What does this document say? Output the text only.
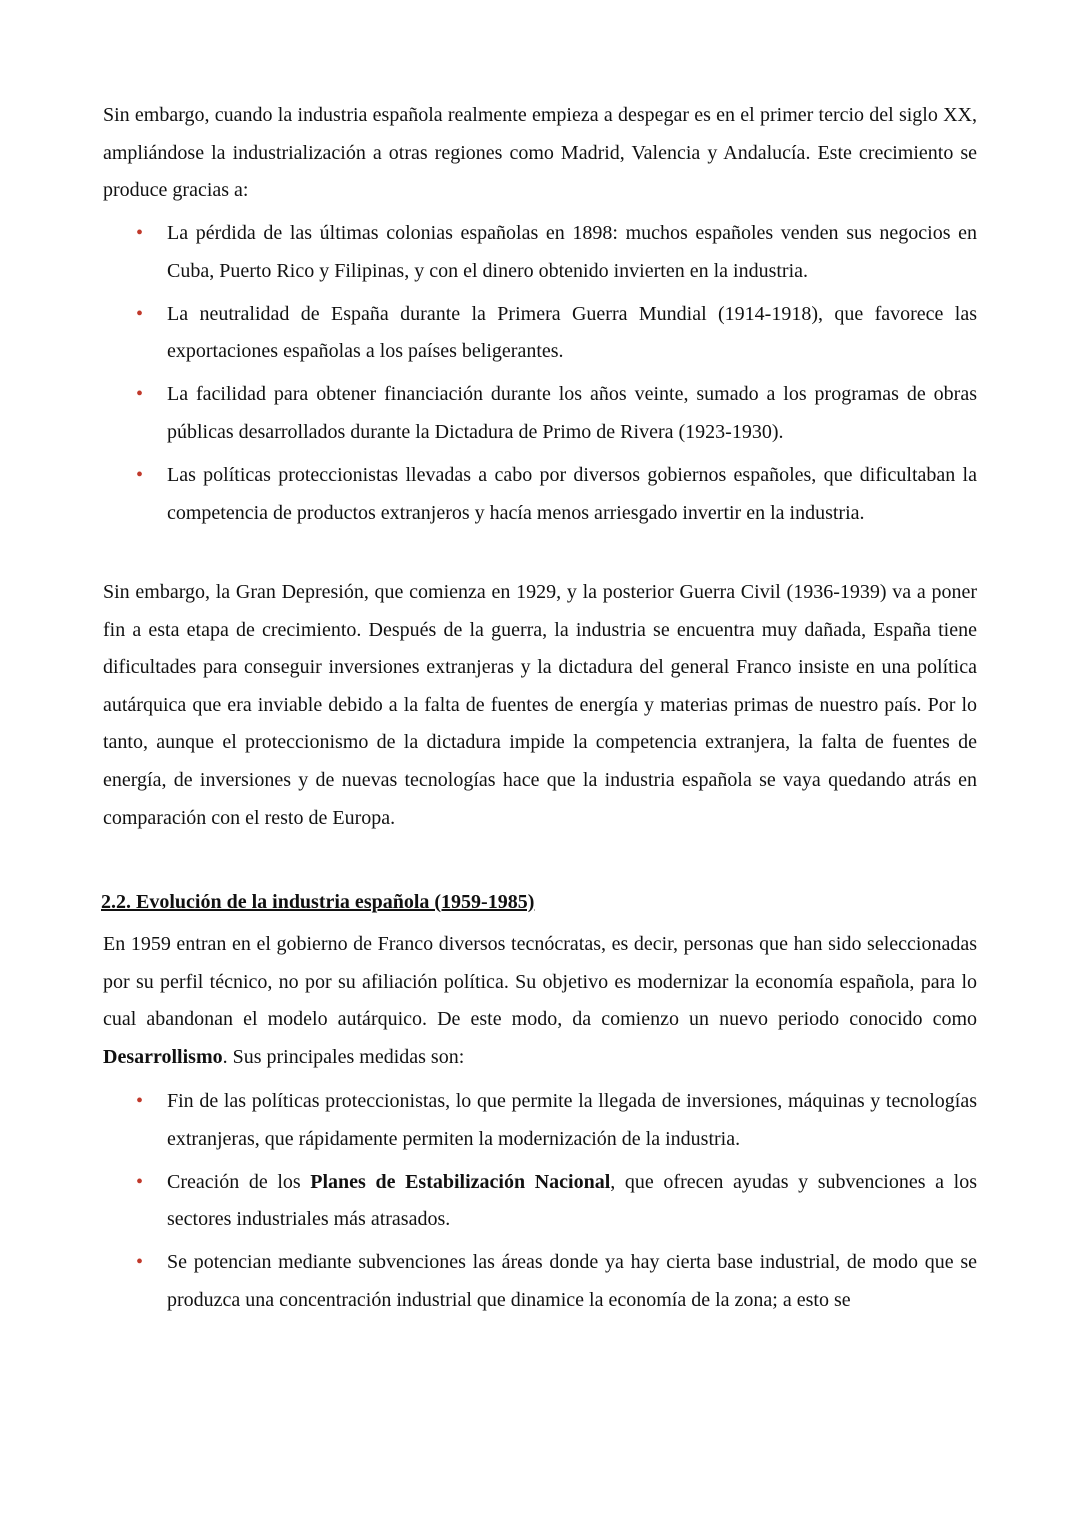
Sin embargo, cuando la industria española realmente empieza a despegar es en el primer tercio del siglo XX, ampliándose la industrialización a otras regiones como Madrid, Valencia y Andalucía. Este crecimiento se produce gracias a:

• La pérdida de las últimas colonias españolas en 1898: muchos españoles venden sus negocios en Cuba, Puerto Rico y Filipinas, y con el dinero obtenido invierten en la industria.
• La neutralidad de España durante la Primera Guerra Mundial (1914-1918), que favorece las exportaciones españolas a los países beligerantes.
• La facilidad para obtener financiación durante los años veinte, sumado a los programas de obras públicas desarrollados durante la Dictadura de Primo de Rivera (1923-1930).
• Las políticas proteccionistas llevadas a cabo por diversos gobiernos españoles, que dificultaban la competencia de productos extranjeros y hacía menos arriesgado invertir en la industria.

Sin embargo, la Gran Depresión, que comienza en 1929, y la posterior Guerra Civil (1936-1939) va a poner fin a esta etapa de crecimiento. Después de la guerra, la industria se encuentra muy dañada, España tiene dificultades para conseguir inversiones extranjeras y la dictadura del general Franco insiste en una política autárquica que era inviable debido a la falta de fuentes de energía y materias primas de nuestro país. Por lo tanto, aunque el proteccionismo de la dictadura impide la competencia extranjera, la falta de fuentes de energía, de inversiones y de nuevas tecnologías hace que la industria española se vaya quedando atrás en comparación con el resto de Europa.

2.2. Evolución de la industria española (1959-1985)

En 1959 entran en el gobierno de Franco diversos tecnócratas, es decir, personas que han sido seleccionadas por su perfil técnico, no por su afiliación política. Su objetivo es modernizar la economía española, para lo cual abandonan el modelo autárquico. De este modo, da comienzo un nuevo periodo conocido como Desarrollismo. Sus principales medidas son:

• Fin de las políticas proteccionistas, lo que permite la llegada de inversiones, máquinas y tecnologías extranjeras, que rápidamente permiten la modernización de la industria.
• Creación de los Planes de Estabilización Nacional, que ofrecen ayudas y subvenciones a los sectores industriales más atrasados.
• Se potencian mediante subvenciones las áreas donde ya hay cierta base industrial, de modo que se produzca una concentración industrial que dinamice la economía de la zona; a esto se
